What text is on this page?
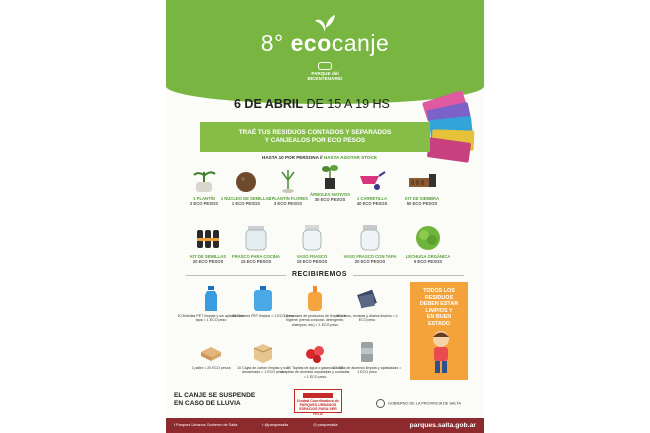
8° ecocanje
PARQUE del
BICENTENARIO
6 DE ABRIL DE 15 A 19 HS
TRAÉ TUS RESIDUOS CONTADOS Y SEPARADOS
Y CANJEALOS POR ECO PESOS
HASTA 10 POR PERSONA // HASTA AGOTAR STOCK
1 PLANTÍN
2 ECO PESOS
1 NÚCLEO DE SEMILLAS
1 ECO PESOS
1 PLANTÍN FLORES
3 ECO PESOS
ÁRBOLES NATIVOS
30 ECO PESOS	1 CARRETILLA
40 ECO PESOS
KIT DE SIEMBRA
50 ECO PESOS
KIT DE SEMILLAS
20 ECO PESOS
FRASCO PARA COCINA
15 ECO PESOS
VASO FRASCO
15 ECO PESOS
VASO FRASCO CON TAPA
20 ECO PESOS
LECHUGA ORGÁNICA
5 ECO PESOS
RECIBIREMOS
10 Botellas PET limpias y sin aplastar con tapa = 1 ECO peso
10 Bidones PET limpios = 1 ECO peso
15 envases de productos de limpieza e higiene (crema corporal, detergente, shampoo, etc) = 1 ECO peso
10 Libros, revistas y diarios limpios = 1 ECO peso
1 pallet = 20 ECO pesos	10 Cajas de cartón limpias y sus desarmado = 1 ECO peso
20 Tapitas de agua o gaseosa o 20 chapitas de aluminio separadas y contadas = 1 ECO peso
10 latas de aluminio limpias y aplastadas = 1 ECO peso
TODOS LOS
RESIDUOS
DEBEN ESTAR
LIMPIOS Y
EN BUEN
ESTADO
EL CANJE SE SUSPENDE
EN CASO DE LLUVIA	Unidad Coordinadora de
PARQUES URBANOS
ESPACIOS PARA SER FELIZ
GOBIERNO DE LA PROVINCIA DE SALTA
f Parques Urbanos Gobierno de Salta	t @parquesalta	◎ parquesalta	parques.salta.gob.ar
